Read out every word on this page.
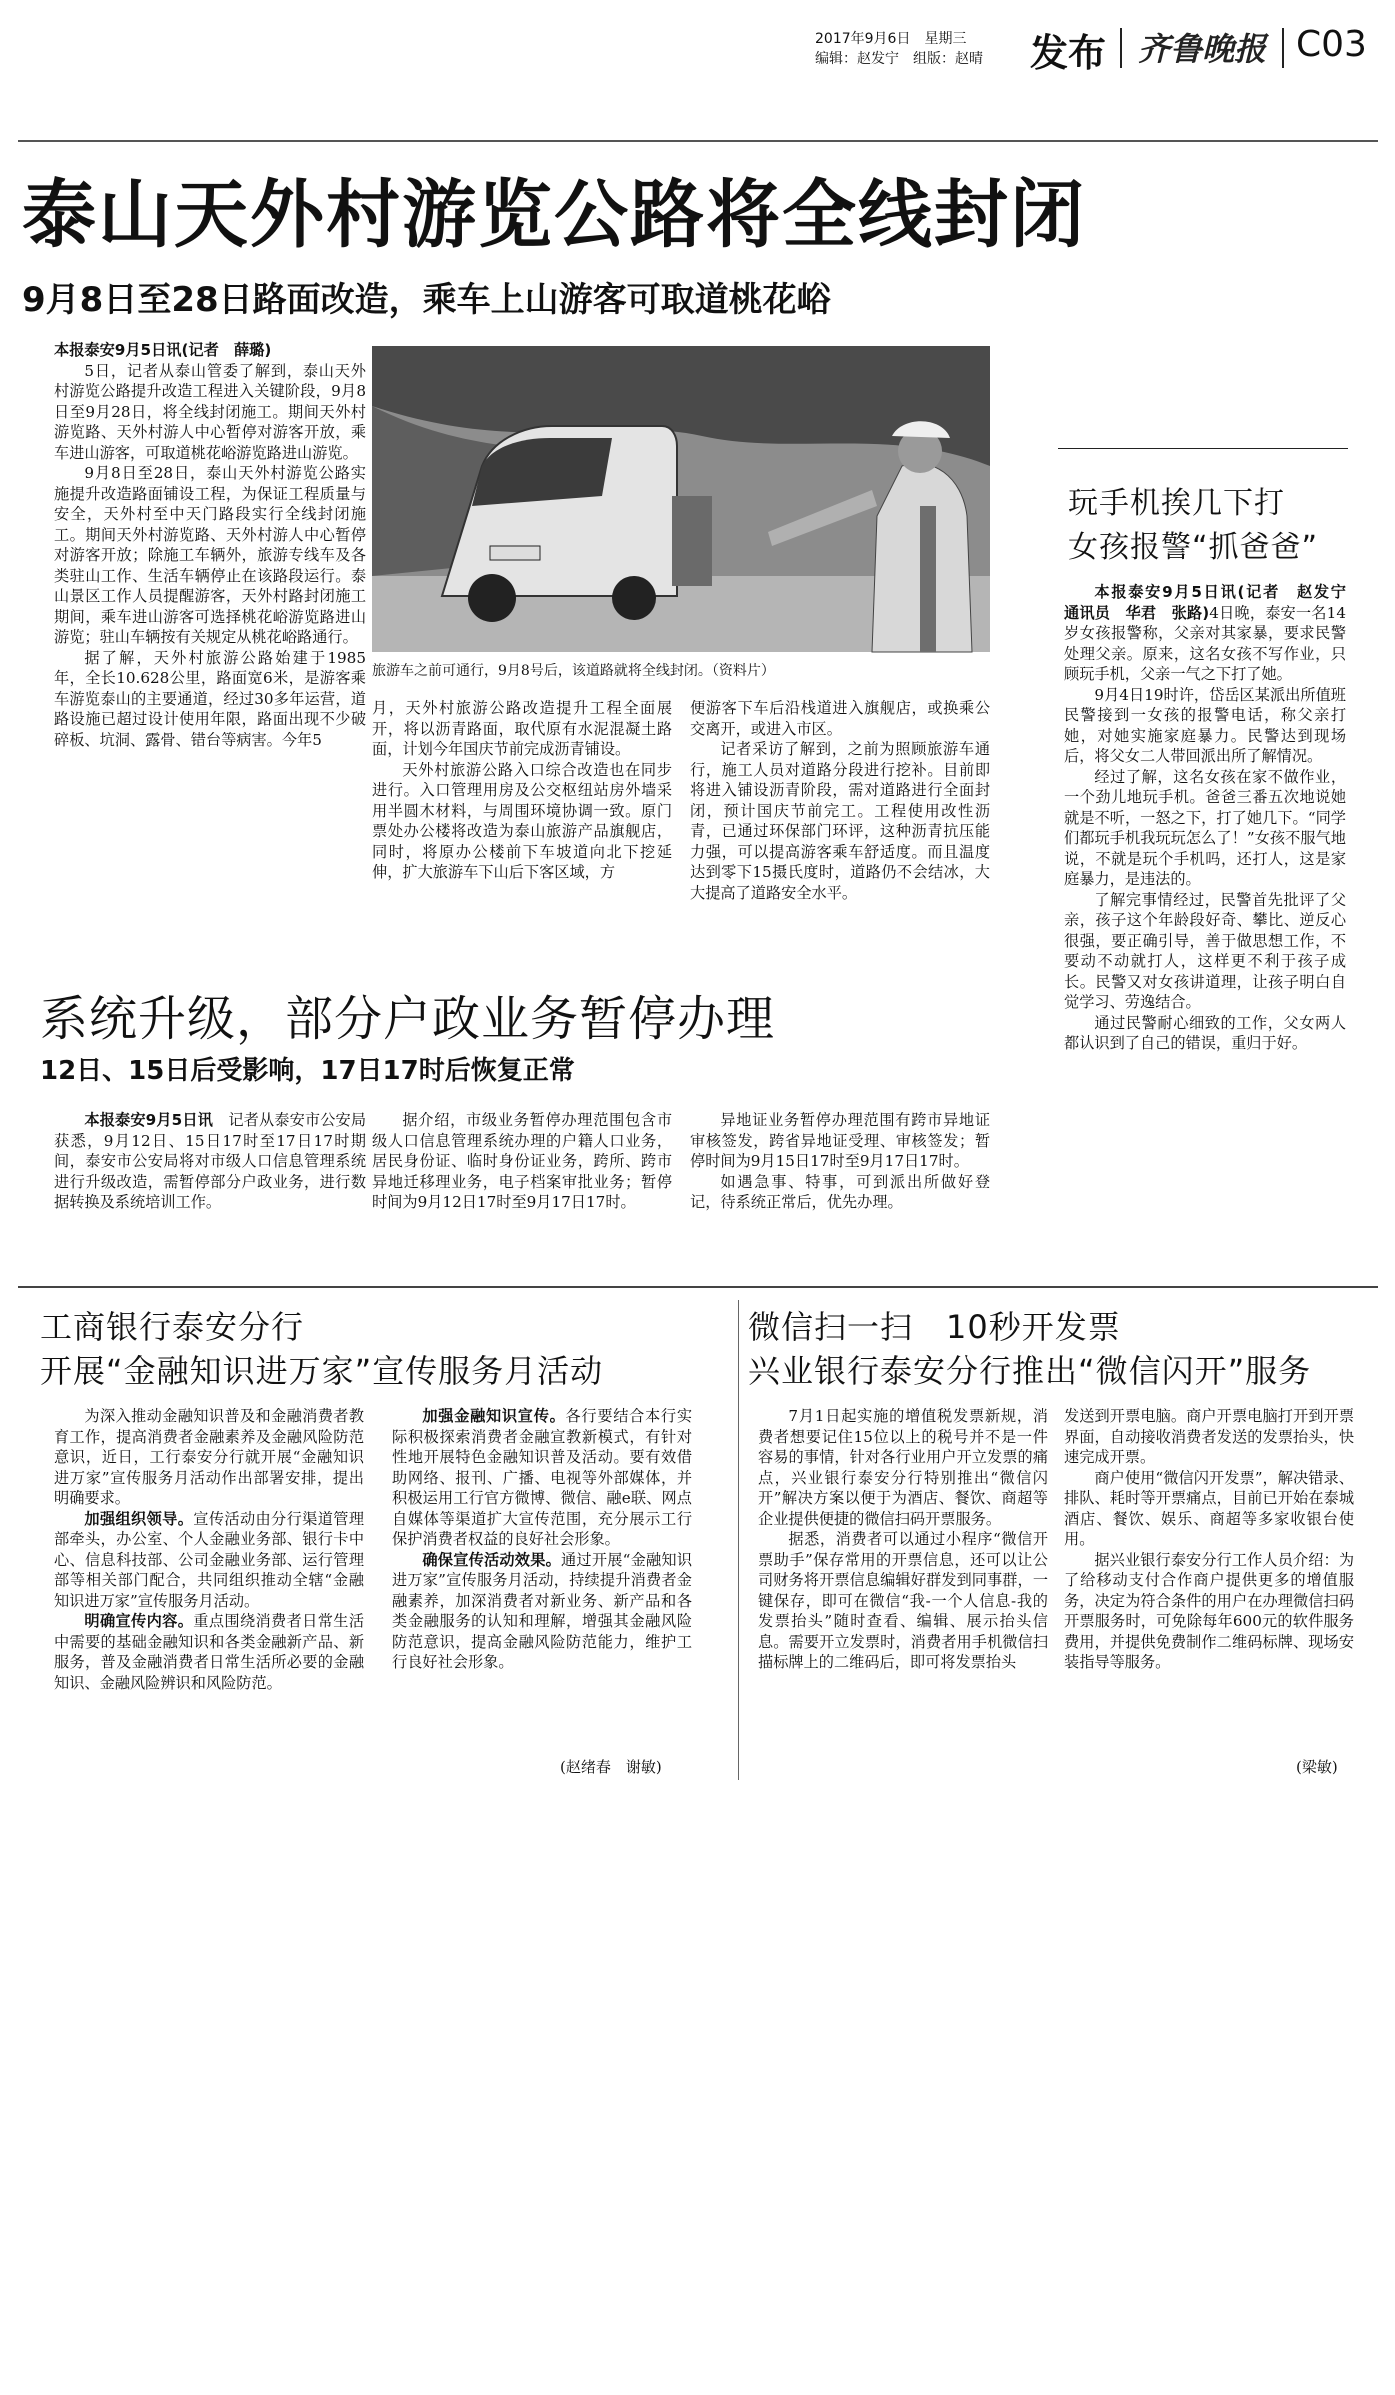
2017年9月6日　星期三
编辑：赵发宁　组版：赵晴 发布 齐鲁晚报 C03
泰山天外村游览公路将全线封闭
9月8日至28日路面改造，乘车上山游客可取道桃花峪

本报泰安9月5日讯(记者　薛璐)

5日，记者从泰山管委了解到，泰山天外村游览公路提升改造工程进入关键阶段，9月8日至9月28日，将全线封闭施工。期间天外村游览路、天外村游人中心暂停对游客开放，乘车进山游客，可取道桃花峪游览路进山游览。

9月8日至28日，泰山天外村游览公路实施提升改造路面铺设工程，为保证工程质量与安全，天外村至中天门路段实行全线封闭施工。期间天外村游览路、天外村游人中心暂停对游客开放；除施工车辆外，旅游专线车及各类驻山工作、生活车辆停止在该路段运行。泰山景区工作人员提醒游客，天外村路封闭施工期间，乘车进山游客可选择桃花峪游览路进山游览；驻山车辆按有关规定从桃花峪路通行。

据了解，天外村旅游公路始建于1985年，全长10.628公里，路面宽6米，是游客乘车游览泰山的主要通道，经过30多年运营，道路设施已超过设计使用年限，路面出现不少破碎板、坑洞、露骨、错台等病害。今年5

旅游车之前可通行，9月8号后，该道路就将全线封闭。（资料片）

月，天外村旅游公路改造提升工程全面展开，将以沥青路面，取代原有水泥混凝土路面，计划今年国庆节前完成沥青铺设。

天外村旅游公路入口综合改造也在同步进行。入口管理用房及公交枢纽站房外墙采用半圆木材料，与周围环境协调一致。原门票处办公楼将改造为泰山旅游产品旗舰店，同时，将原办公楼前下车坡道向北下挖延伸，扩大旅游车下山后下客区域，方

便游客下车后沿栈道进入旗舰店，或换乘公交离开，或进入市区。

记者采访了解到，之前为照顾旅游车通行，施工人员对道路分段进行挖补。目前即将进入铺设沥青阶段，需对道路进行全面封闭，预计国庆节前完工。工程使用改性沥青，已通过环保部门环评，这种沥青抗压能力强，可以提高游客乘车舒适度。而且温度达到零下15摄氏度时，道路仍不会结冰，大大提高了道路安全水平。

系统升级，部分户政业务暂停办理
12日、15日后受影响，17日17时后恢复正常

本报泰安9月5日讯　 记者从泰安市公安局获悉，9月12日、15日17时至17日17时期间，泰安市公安局将对市级人口信息管理系统进行升级改造，需暂停部分户政业务，进行数据转换及系统培训工作。

据介绍，市级业务暂停办理范围包含市级人口信息管理系统办理的户籍人口业务，居民身份证、临时身份证业务，跨所、跨市异地迁移理业务，电子档案审批业务；暂停时间为9月12日17时至9月17日17时。

异地证业务暂停办理范围有跨市异地证审核签发，跨省异地证受理、审核签发；暂停时间为9月15日17时至9月17日17时。

如遇急事、特事，可到派出所做好登记，待系统正常后，优先办理。

玩手机挨几下打
女孩报警“抓爸爸”

本报泰安9月5日讯(记者　赵发宁　通讯员　华君　张路)4日晚，泰安一名14岁女孩报警称，父亲对其家暴，要求民警处理父亲。原来，这名女孩不写作业，只顾玩手机，父亲一气之下打了她。

9月4日19时许，岱岳区某派出所值班民警接到一女孩的报警电话，称父亲打她，对她实施家庭暴力。民警达到现场后，将父女二人带回派出所了解情况。

经过了解，这名女孩在家不做作业，一个劲儿地玩手机。爸爸三番五次地说她就是不听，一怒之下，打了她几下。“同学们都玩手机我玩玩怎么了！”女孩不服气地说，不就是玩个手机吗，还打人，这是家庭暴力，是违法的。

了解完事情经过，民警首先批评了父亲，孩子这个年龄段好奇、攀比、逆反心很强，要正确引导，善于做思想工作，不要动不动就打人，这样更不利于孩子成长。民警又对女孩讲道理，让孩子明白自觉学习、劳逸结合。

通过民警耐心细致的工作，父女两人都认识到了自己的错误，重归于好。

工商银行泰安分行
开展“金融知识进万家”宣传服务月活动

为深入推动金融知识普及和金融消费者教育工作，提高消费者金融素养及金融风险防范意识，近日，工行泰安分行就开展“金融知识进万家”宣传服务月活动作出部署安排，提出明确要求。

加强组织领导。宣传活动由分行渠道管理部牵头，办公室、个人金融业务部、银行卡中心、信息科技部、公司金融业务部、运行管理部等相关部门配合，共同组织推动全辖“金融知识进万家”宣传服务月活动。

明确宣传内容。重点围绕消费者日常生活中需要的基础金融知识和各类金融新产品、新服务，普及金融消费者日常生活所必要的金融知识、金融风险辨识和风险防范。

加强金融知识宣传。各行要结合本行实际积极探索消费者金融宣教新模式，有针对性地开展特色金融知识普及活动。要有效借助网络、报刊、广播、电视等外部媒体，并积极运用工行官方微博、微信、融e联、网点自媒体等渠道扩大宣传范围，充分展示工行保护消费者权益的良好社会形象。

确保宣传活动效果。通过开展“金融知识进万家”宣传服务月活动，持续提升消费者金融素养，加深消费者对新业务、新产品和各类金融服务的认知和理解，增强其金融风险防范意识，提高金融风险防范能力，维护工行良好社会形象。

(赵绪春　谢敏)
微信扫一扫　10秒开发票
兴业银行泰安分行推出“微信闪开”服务

7月1日起实施的增值税发票新规，消费者想要记住15位以上的税号并不是一件容易的事情，针对各行业用户开立发票的痛点，兴业银行泰安分行特别推出“微信闪开”解决方案以便于为酒店、餐饮、商超等企业提供便捷的微信扫码开票服务。

据悉，消费者可以通过小程序“微信开票助手”保存常用的开票信息，还可以让公司财务将开票信息编辑好群发到同事群，一键保存，即可在微信“我-一个人信息-我的发票抬头”随时查看、编辑、展示抬头信息。需要开立发票时，消费者用手机微信扫描标牌上的二维码后，即可将发票抬头

发送到开票电脑。商户开票电脑打开到开票界面，自动接收消费者发送的发票抬头，快速完成开票。

商户使用“微信闪开发票”，解决错录、排队、耗时等开票痛点，目前已开始在泰城酒店、餐饮、娱乐、商超等多家收银台使用。

据兴业银行泰安分行工作人员介绍：为了给移动支付合作商户提供更多的增值服务，决定为符合条件的用户在办理微信扫码开票服务时，可免除每年600元的软件服务费用，并提供免费制作二维码标牌、现场安装指导等服务。

(梁敏)
